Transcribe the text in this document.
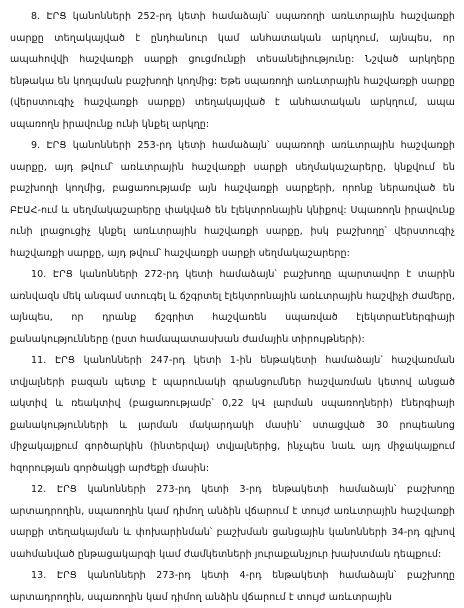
8. ԷՐՑ կանոնների 252-րդ կետի համաձայն՝ սպառողի առևտրային հաշվառքի սարքը տեղակայված է ընդհանուր կամ անհատական արկղում, այնպես, որ ապահովվի հաշվառքի սարքի ցուցմունքի տեսանելիությունը: Նշված արկղերը ենթակա են կողպման բաշխողի կողմից: Եթե սպառողի առևտրային հաշվառքի սարքը (վերստուգիչ հաշվառքի սարքը) տեղակայված է անհատական արկղում, ապա սպառողն իրավունք ունի կնքել արկղը:

9. ԷՐՑ կանոնների 253-րդ կետի համաձայն՝ սպառողի առևտրային հաշվառքի սարքը, այդ թվում՝ առևտրային հաշվառքի սարքի սեղմակաշարերը, կնքվում են բաշխողի կողմից, բացառությամբ այն հաշվառքի սարքերի, որոնք ներառված են ԲԷԱՀ-ում և սեղմակաշարերը փակված են էլեկտրոնային կնիքով: Սպառողն իրավունք ունի լրացուցիչ կնքել առևտրային հաշվառքի սարքը, իսկ բաշխողը՝ վերստուգիչ հաշվառքի սարքը, այդ թվում՝ հաշվառքի սարքի սեղմակաշարերը:

10. ԷՐՑ կանոնների 272-րդ կետի համաձայն՝ բաշխողը պարտավոր է տարին առնվազն մեկ անգամ ստուգել և ճշգրտել էլեկտրոնային առևտրային հաշվիչի ժամերը, այնպես, որ դրանք ճշգրիտ հաշվառեն սպառված էլեկտրաէներգիայի քանակությունները (ըստ համապատասխան ժամային տիրույթների):

11. ԷՐՑ կանոնների 247-րդ կետի 1-ին ենթակետի համաձայն՝ հաշվառման տվյալների բազան պետք է պարունակի գրանցումներ հաշվառման կետով անցած ակտիվ և ռեակտիվ (բացառությամբ՝ 0,22 կՎ լարման սպառողների) էներգիայի քանակությունների և լարման մակարդակի մասին՝ ստացված 30 րոպեանոց միջակայքում գործարկին (ինտերվալ) տվյալներից, ինչպես նաև այդ միջակայքում հզորության գործակցի արժեքի մասին:

12. ԷՐՑ կանոնների 273-րդ կետի 3-րդ ենթակետի համաձայն՝ բաշխողը արտադրողին, սպառողին կամ դիմող անձին վճարում է տույժ առևտրային հաշվառքի սարքի տեղակայման և փոխարինման՝ բաշխման ցանցային կանոնների 34-րդ գլխով սահմանված ընթացակարգի կամ ժամկետների յուրաքանչյուր խախտման դեպքում:

13. ԷՐՑ կանոնների 273-րդ կետի 4-րդ ենթակետի համաձայն՝ բաշխողը արտադրողին, սպառողին կամ դիմող անձին վճարում է տույժ առևտրային
